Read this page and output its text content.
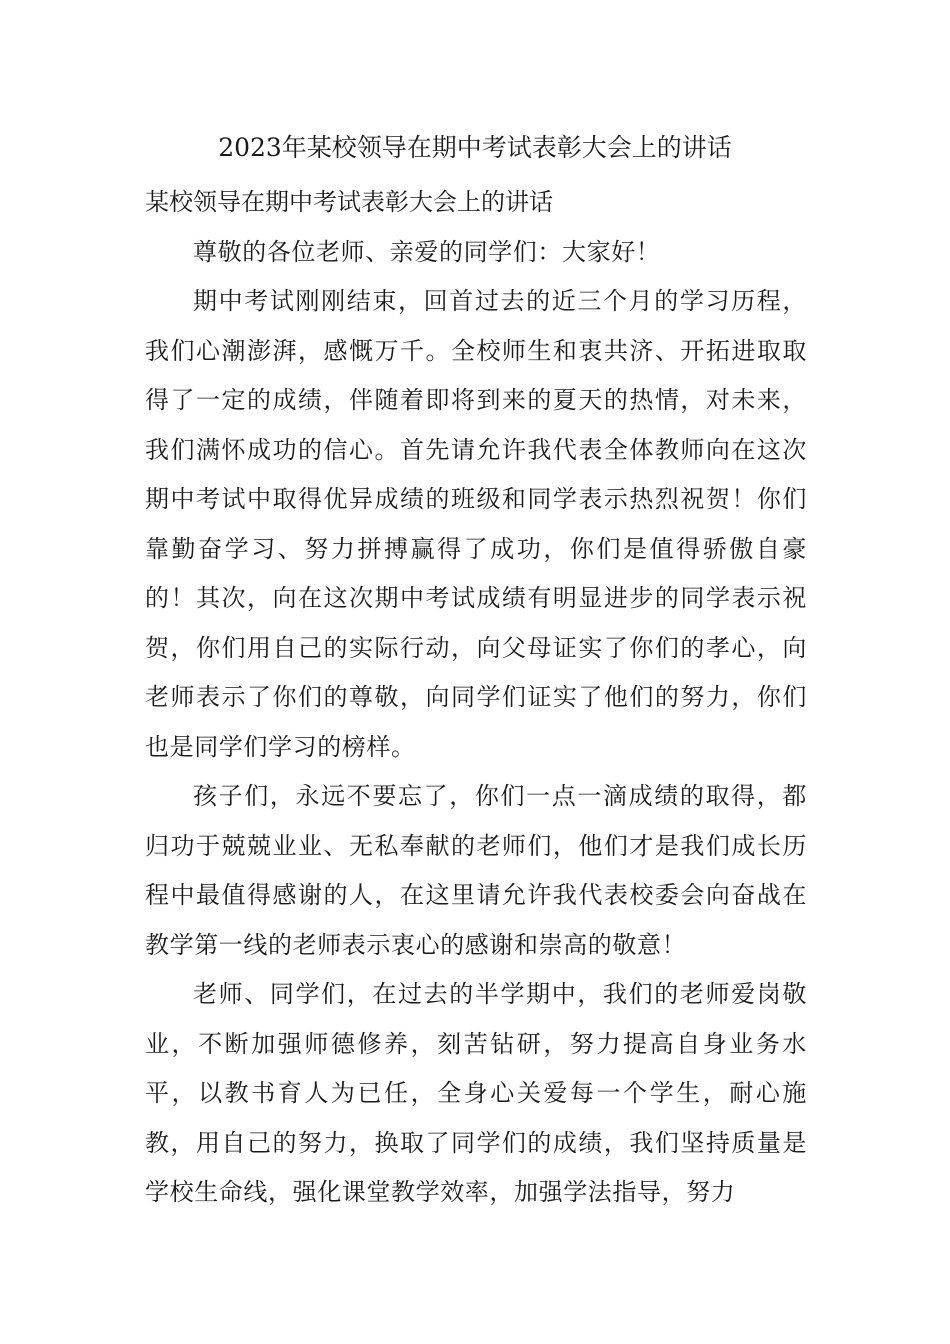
2023年某校领导在期中考试表彰大会上的讲话

某校领导在期中考试表彰大会上的讲话

尊敬的各位老师、亲爱的同学们：大家好！

期中考试刚刚结束，回首过去的近三个月的学习历程，我们心潮澎湃，感慨万千。全校师生和衷共济、开拓进取取得了一定的成绩，伴随着即将到来的夏天的热情，对未来，我们满怀成功的信心。首先请允许我代表全体教师向在这次期中考试中取得优异成绩的班级和同学表示热烈祝贺！你们靠勤奋学习、努力拼搏赢得了成功，你们是值得骄傲自豪的！其次，向在这次期中考试成绩有明显进步的同学表示祝贺，你们用自己的实际行动，向父母证实了你们的孝心，向老师表示了你们的尊敬，向同学们证实了他们的努力，你们也是同学们学习的榜样。

孩子们，永远不要忘了，你们一点一滴成绩的取得，都归功于兢兢业业、无私奉献的老师们，他们才是我们成长历程中最值得感谢的人，在这里请允许我代表校委会向奋战在教学第一线的老师表示衷心的感谢和崇高的敬意！

老师、同学们，在过去的半学期中，我们的老师爱岗敬业，不断加强师德修养，刻苦钻研，努力提高自身业务水平，以教书育人为已任，全身心关爱每一个学生，耐心施教，用自己的努力，换取了同学们的成绩，我们坚持质量是学校生命线，强化课堂教学效率，加强学法指导，努力
